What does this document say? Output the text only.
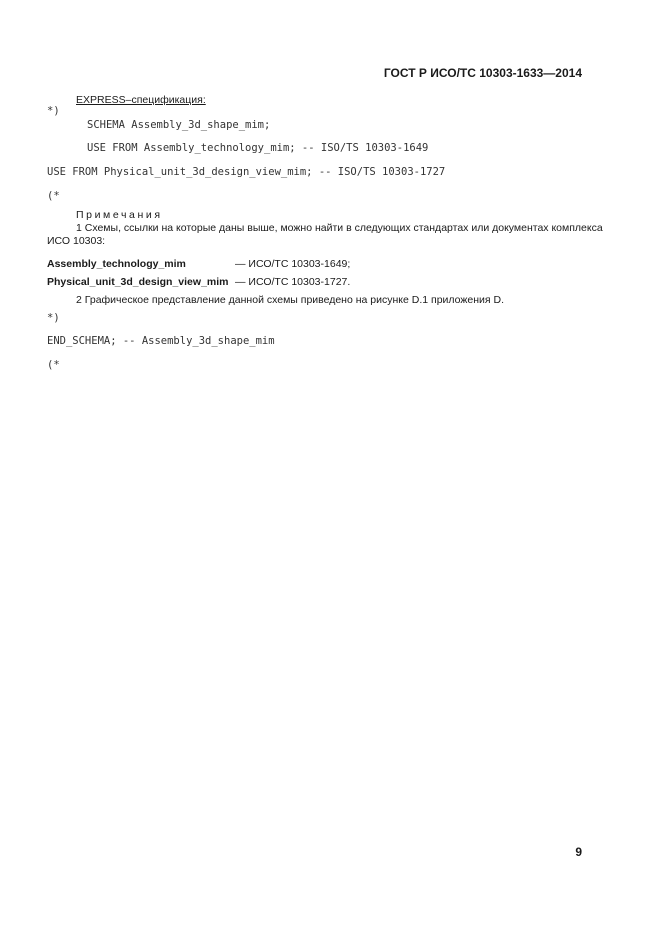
ГОСТ Р ИСО/ТС 10303-1633—2014
EXPRESS–спецификация:
*)
SCHEMA Assembly_3d_shape_mim;
USE FROM Assembly_technology_mim; -- ISO/TS 10303-1649
USE FROM Physical_unit_3d_design_view_mim; -- ISO/TS 10303-1727
(*
Примечания
1 Схемы, ссылки на которые даны выше, можно найти в следующих стандартах или документах комплекса
ИСО 10303:
Assembly_technology_mim	— ИСО/ТС 10303-1649;
Physical_unit_3d_design_view_mim — ИСО/ТС 10303-1727.
2 Графическое представление данной схемы приведено на рисунке D.1 приложения D.
*)
END_SCHEMA; -- Assembly_3d_shape_mim
(*
9
